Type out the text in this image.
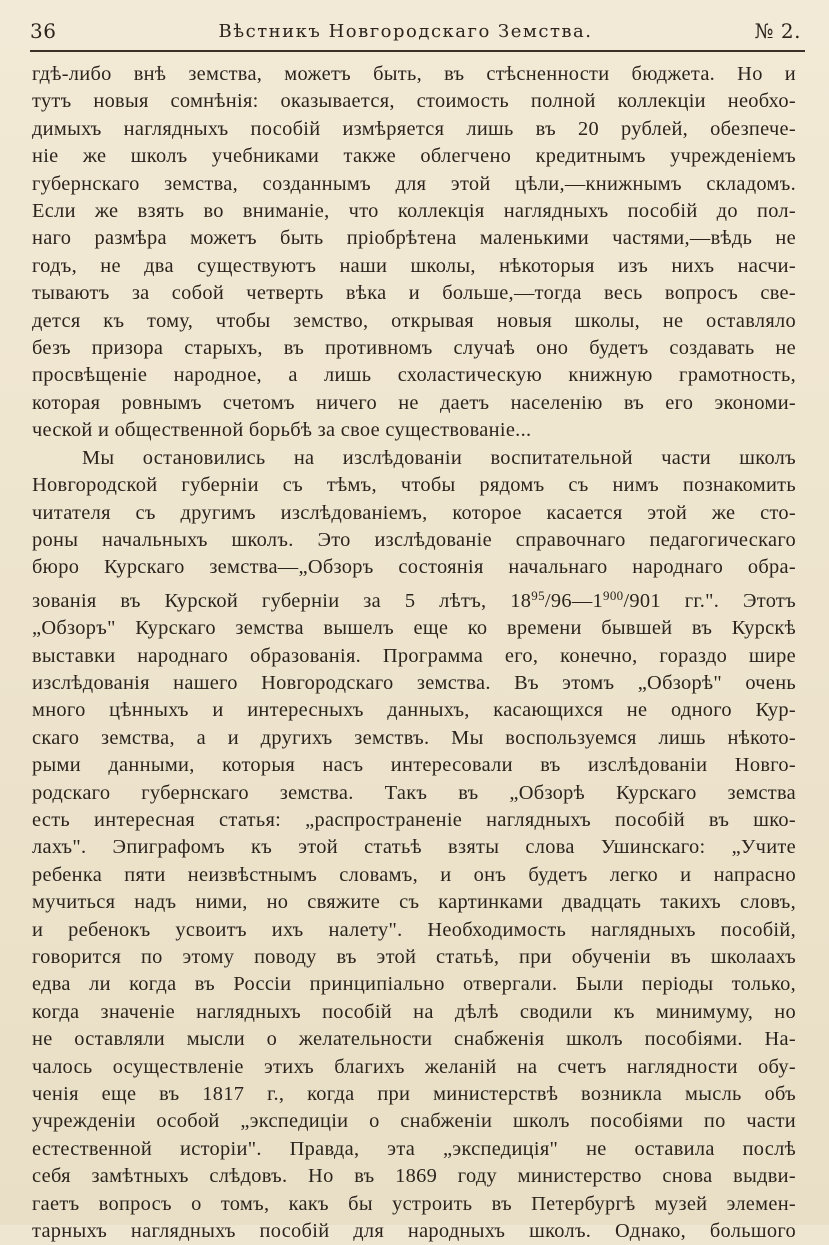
36	Вѣстникъ Новгородскаго Земства.	№ 2.

гдѣ-либо внѣ земства, можетъ быть, въ стѣсненности бюджета. Но и
тутъ новыя сомнѣнія: оказывается, стоимость полной коллекціи необхо-
димыхъ наглядныхъ пособій измѣряется лишь въ 20 рублей, обезпече-
ніе же школъ учебниками также облегчено кредитнымъ учрежденіемъ
губернскаго земства, созданнымъ для этой цѣли,—книжнымъ складомъ.
Если же взять во вниманіе, что коллекція наглядныхъ пособій до пол-
наго размѣра можетъ быть пріобрѣтена маленькими частями,—вѣдь не
годъ, не два существуютъ наши школы, нѣкоторыя изъ нихъ насчи-
тываютъ за собой четверть вѣка и больше,—тогда весь вопросъ све-
дется къ тому, чтобы земство, открывая новыя школы, не оставляло
безъ призора старыхъ, въ противномъ случаѣ оно будетъ создавать не
просвѣщеніе народное, а лишь схоластическую книжную грамотность,
которая ровнымъ счетомъ ничего не даетъ населенію въ его экономи-
ческой и общественной борьбѣ за свое существованіе...

Мы остановились на изслѣдованіи воспитательной части школъ
Новгородской губерніи съ тѣмъ, чтобы рядомъ съ нимъ познакомить
читателя съ другимъ изслѣдованіемъ, которое касается этой же сто-
роны начальныхъ школъ. Это изслѣдованіе справочнаго педагогическаго
бюро Курскаго земства—„Обзоръ состоянія начальнаго народнаго обра-
зованія въ Курской губерніи за 5 лѣтъ, $18^{95}/96—1^{900}/901$ гг.". Этотъ
„Обзоръ" Курскаго земства вышелъ еще ко времени бывшей въ Курскѣ
выставки народнаго образованія. Программа его, конечно, гораздо шире
изслѣдованія нашего Новгородскаго земства. Въ этомъ „Обзорѣ" очень
много цѣнныхъ и интересныхъ данныхъ, касающихся не одного Кур-
скаго земства, а и другихъ земствъ. Мы воспользуемся лишь нѣкото-
рыми данными, которыя насъ интересовали въ изслѣдованіи Новго-
родскаго губернскаго земства. Такъ въ „Обзорѣ Курскаго земства
есть интересная статья: „распространеніе наглядныхъ пособій въ шко-
лахъ". Эпиграфомъ къ этой статьѣ взяты слова Ушинскаго: „Учите
ребенка пяти неизвѣстнымъ словамъ, и онъ будетъ легко и напрасно
мучиться надъ ними, но свяжите съ картинками двадцать такихъ словъ,
и ребенокъ усвоитъ ихъ налету". Необходимость наглядныхъ пособій,
говорится по этому поводу въ этой статьѣ, при обученіи въ школаахъ
едва ли когда въ Россіи принципіально отвергали. Были періоды только,
когда значеніе наглядныхъ пособій на дѣлѣ сводили къ минимуму, но
не оставляли мысли о желательности снабженія школъ пособіями. На-
чалось осуществленіе этихъ благихъ желаній на счетъ наглядности обу-
ченія еще въ 1817 г., когда при министерствѣ возникла мысль объ
учрежденіи особой „экспедиціи о снабженіи школъ пособіями по части
естественной исторіи". Правда, эта „экспедиція" не оставила послѣ
себя замѣтныхъ слѣдовъ. Но въ 1869 году министерство снова выдви-
гаетъ вопросъ о томъ, какъ бы устроить въ Петербургѣ музей элемен-
тарныхъ наглядныхъ пособій для народныхъ школъ. Однако, большого
